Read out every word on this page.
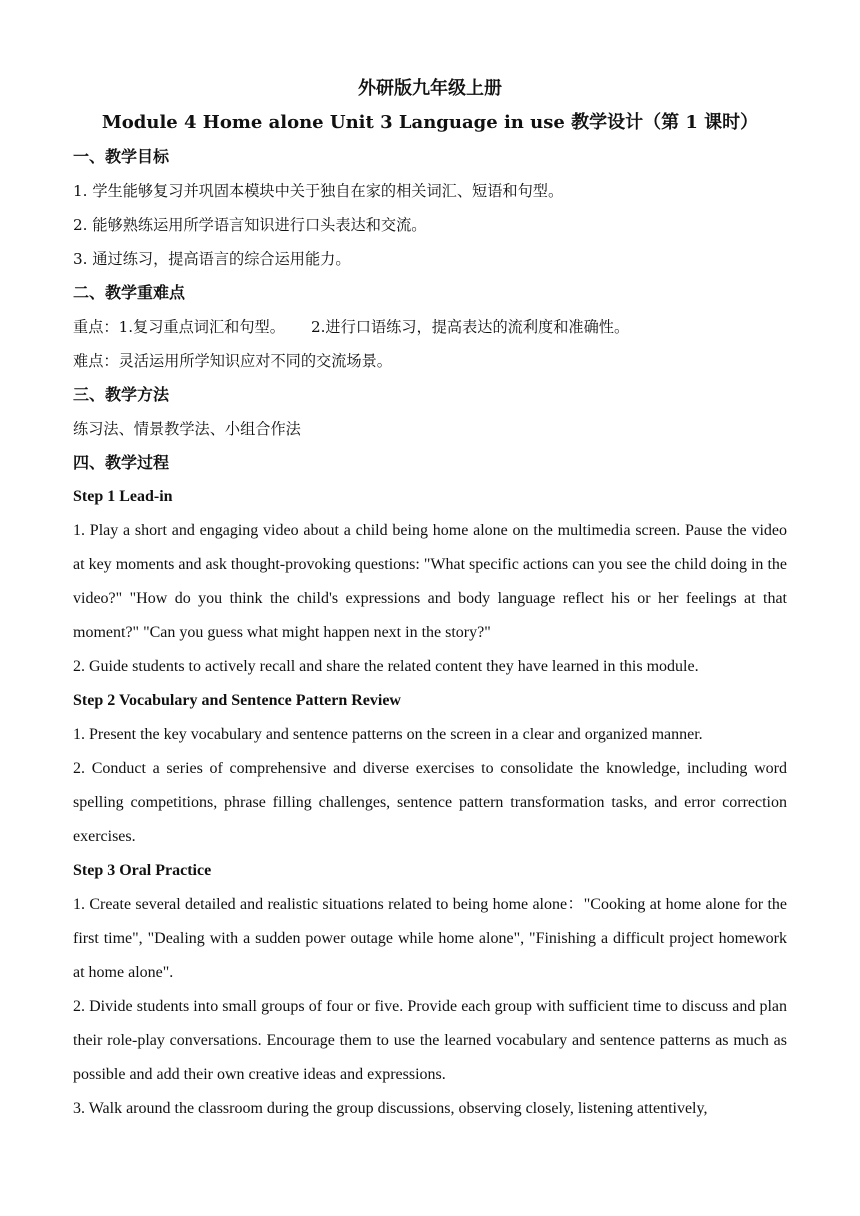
外研版九年级上册

Module 4 Home alone Unit 3 Language in use 教学设计（第 1 课时）

一、教学目标

1. 学生能够复习并巩固本模块中关于独自在家的相关词汇、短语和句型。

2. 能够熟练运用所学语言知识进行口头表达和交流。

3. 通过练习，提高语言的综合运用能力。

二、教学重难点

重点：1.复习重点词汇和句型。 2.进行口语练习，提高表达的流利度和准确性。

难点：灵活运用所学知识应对不同的交流场景。

三、教学方法

练习法、情景教学法、小组合作法

四、教学过程

Step 1 Lead-in

1. Play a short and engaging video about a child being home alone on the multimedia screen. Pause the video at key moments and ask thought-provoking questions: "What specific actions can you see the child doing in the video?" "How do you think the child's expressions and body language reflect his or her feelings at that moment?" "Can you guess what might happen next in the story?"

2. Guide students to actively recall and share the related content they have learned in this module.

Step 2 Vocabulary and Sentence Pattern Review

1. Present the key vocabulary and sentence patterns on the screen in a clear and organized manner.

2. Conduct a series of comprehensive and diverse exercises to consolidate the knowledge, including word spelling competitions, phrase filling challenges, sentence pattern transformation tasks, and error correction exercises.

Step 3 Oral Practice

1. Create several detailed and realistic situations related to being home alone："Cooking at home alone for the first time", "Dealing with a sudden power outage while home alone", "Finishing a difficult project homework at home alone".

2. Divide students into small groups of four or five. Provide each group with sufficient time to discuss and plan their role-play conversations. Encourage them to use the learned vocabulary and sentence patterns as much as possible and add their own creative ideas and expressions.

3. Walk around the classroom during the group discussions, observing closely, listening attentively,
